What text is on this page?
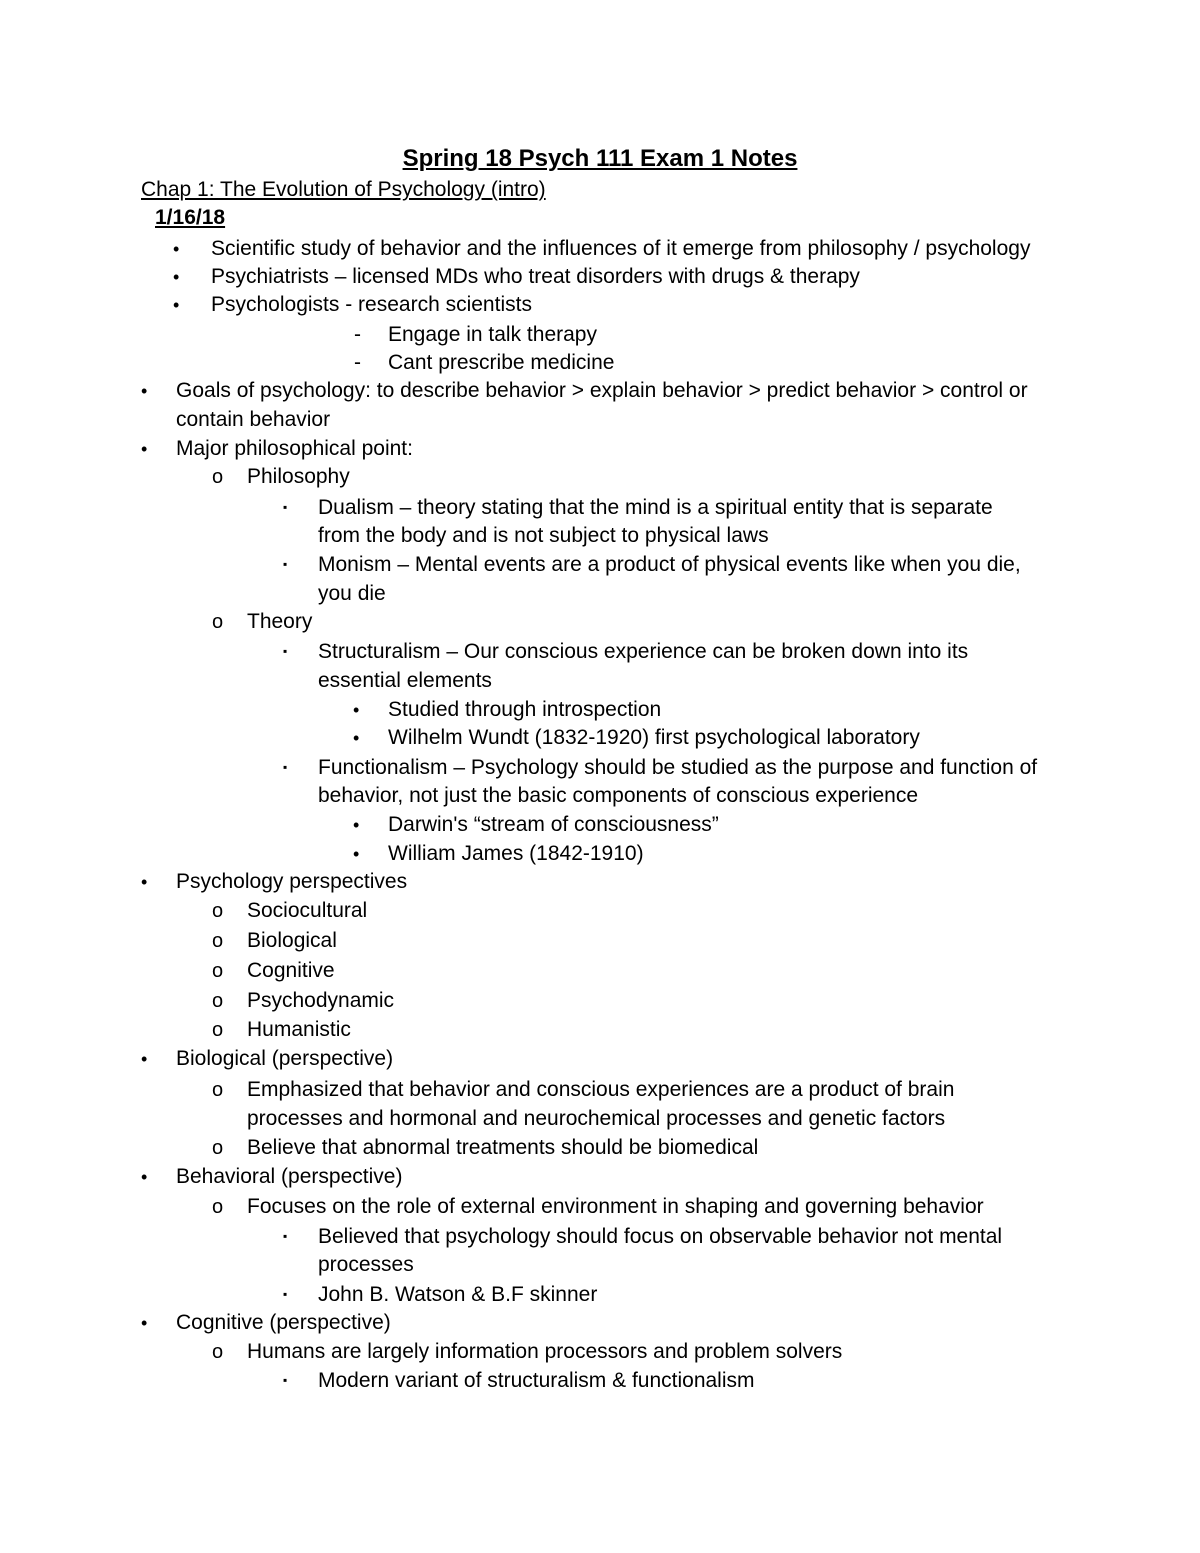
Spring 18 Psych 111 Exam 1 Notes
Chap 1: The Evolution of Psychology (intro)
1/16/18
•	Scientific study of behavior and the influences of it emerge from philosophy / psychology
•	Psychiatrists – licensed MDs who treat disorders with drugs & therapy
•	Psychologists - research scientists
-	Engage in talk therapy
-	Cant prescribe medicine
•	Goals of psychology: to describe behavior > explain behavior > predict behavior > control or
contain behavior
•	Major philosophical point:
o	Philosophy
▪	Dualism – theory stating that the mind is a spiritual entity that is separate
from the body and is not subject to physical laws
▪	Monism – Mental events are a product of physical events like when you die,
you die
o	Theory
▪	Structuralism – Our conscious experience can be broken down into its
essential elements
•	Studied through introspection
•	Wilhelm Wundt (1832-1920) first psychological laboratory
▪	Functionalism – Psychology should be studied as the purpose and function of
behavior, not just the basic components of conscious experience
•	Darwin's “stream of consciousness”
•	William James (1842-1910)
•	Psychology perspectives
o	Sociocultural
o	Biological
o	Cognitive
o	Psychodynamic
o	Humanistic
•	Biological (perspective)
o	Emphasized that behavior and conscious experiences are a product of brain
processes and hormonal and neurochemical processes and genetic factors
o	Believe that abnormal treatments should be biomedical
•	Behavioral (perspective)
o	Focuses on the role of external environment in shaping and governing behavior
▪	Believed that psychology should focus on observable behavior not mental
processes
▪	John B. Watson & B.F skinner
•	Cognitive (perspective)
o	Humans are largely information processors and problem solvers
▪	Modern variant of structuralism & functionalism
